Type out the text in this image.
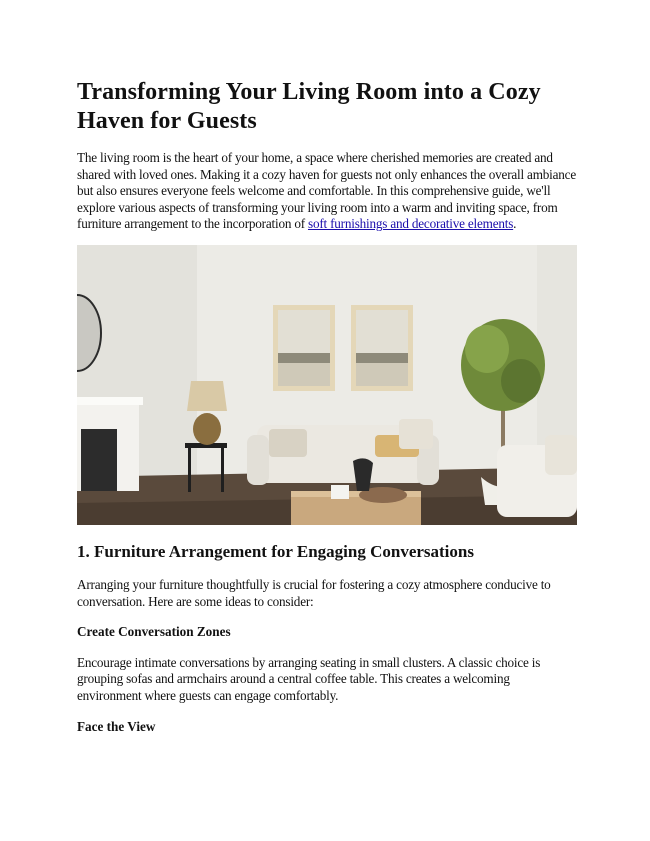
Transforming Your Living Room into a Cozy Haven for Guests

The living room is the heart of your home, a space where cherished memories are created and shared with loved ones. Making it a cozy haven for guests not only enhances the overall ambiance but also ensures everyone feels welcome and comfortable. In this comprehensive guide, we'll explore various aspects of transforming your living room into a warm and inviting space, from furniture arrangement to the incorporation of soft furnishings and decorative elements.

1. Furniture Arrangement for Engaging Conversations

Arranging your furniture thoughtfully is crucial for fostering a cozy atmosphere conducive to conversation. Here are some ideas to consider:

Create Conversation Zones

Encourage intimate conversations by arranging seating in small clusters. A classic choice is grouping sofas and armchairs around a central coffee table. This creates a welcoming environment where guests can engage comfortably.

Face the View
